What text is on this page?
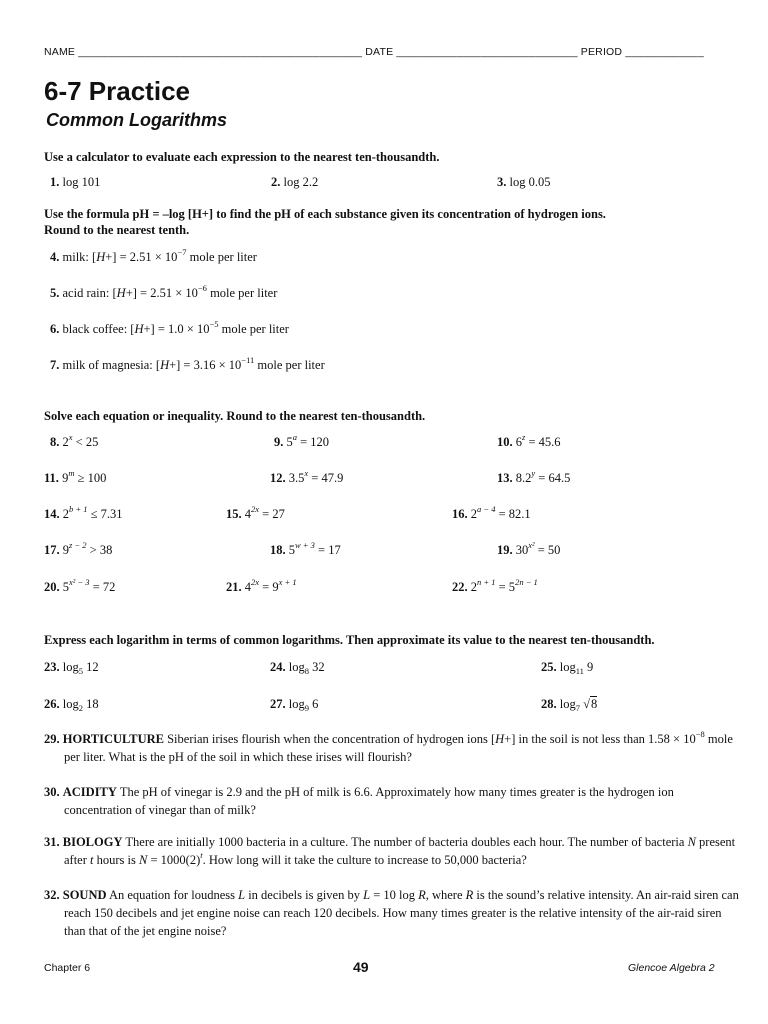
NAME _______________________________________________ DATE ______________________________ PERIOD _____________
6-7 Practice
Common Logarithms
Use a calculator to evaluate each expression to the nearest ten-thousandth.
1. log 101	2. log 2.2	3. log 0.05
Use the formula pH = –log [H+] to find the pH of each substance given its concentration of hydrogen ions.
Round to the nearest tenth.
4. milk: $[H+] = 2.51 \times 10^{-7}$ mole per liter
5. acid rain: $[H+] = 2.51 \times 10^{-6}$ mole per liter
6. black coffee: $[H+] = 1.0 \times 10^{-5}$ mole per liter
7. milk of magnesia: $[H+] = 3.16 \times 10^{-11}$ mole per liter
Solve each equation or inequality. Round to the nearest ten-thousandth.
8. $2^x < 25$	9. $5^a = 120$	10. $6^z = 45.6$
11. $9^m \ge 100$	12. $3.5^x = 47.9$	13. $8.2^y = 64.5$
14. $2^{b + 1} \le 7.31$	15. $4^{2x} = 27$	16. $2^{a - 4} = 82.1$
17. $9^{z - 2} > 38$	18. $5^{w + 3} = 17$	19. $30^{x^2} = 50$
20. $5^{x^2 - 3} = 72$	21. $4^{2x} = 9^{x + 1}$	22. $2^{n + 1} = 5^{2n - 1}$
Express each logarithm in terms of common logarithms. Then approximate its value to the nearest ten-thousandth.
23. $\log_5 12$	24. $\log_8 32$	25. $\log_{11} 9$
26. $\log_2 18$	27. $\log_9 6$	28. $\log_7 √8$
29. HORTICULTURE Siberian irises flourish when the concentration of hydrogen ions [H+] in the soil is not less than $1.58 \times 10^{-8}$ mole per liter. What is the pH of the soil in which these irises will flourish?
30. ACIDITY The pH of vinegar is 2.9 and the pH of milk is 6.6. Approximately how many times greater is the hydrogen ion concentration of vinegar than of milk?
31. BIOLOGY There are initially 1000 bacteria in a culture. The number of bacteria doubles each hour. The number of bacteria N present after t hours is $N = 1000(2)^t$. How long will it take the culture to increase to 50,000 bacteria?
32. SOUND An equation for loudness L in decibels is given by L = 10 log R, where R is the sound’s relative intensity. An air-raid siren can reach 150 decibels and jet engine noise can reach 120 decibels. How many times greater is the relative intensity of the air-raid siren than that of the jet engine noise?
Chapter 6	49	Glencoe Algebra 2
